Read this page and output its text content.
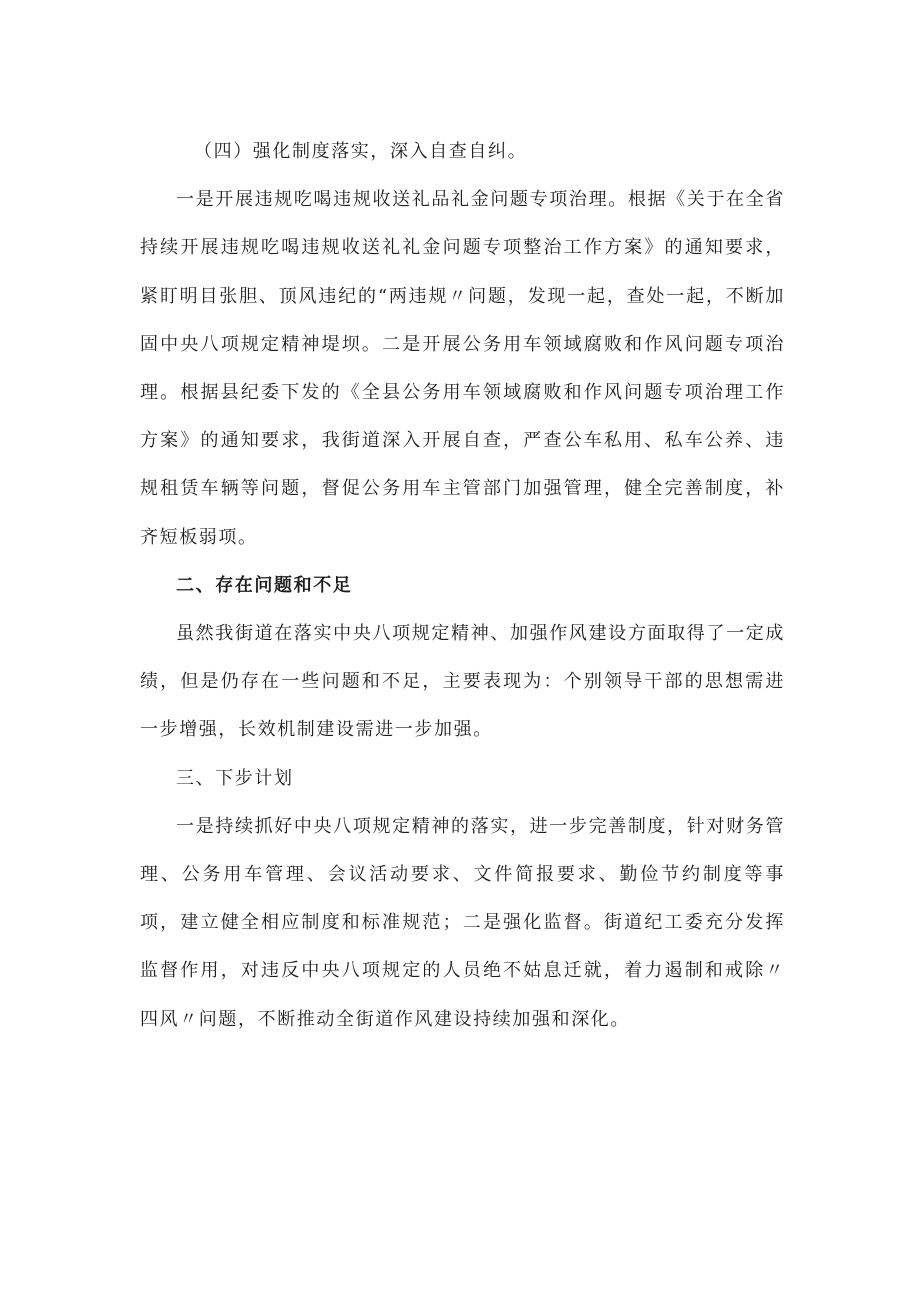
（四）强化制度落实，深入自查自纠。

一是开展违规吃喝违规收送礼品礼金问题专项治理。根据《关于在全省持续开展违规吃喝违规收送礼礼金问题专项整治工作方案》的通知要求，紧盯明目张胆、顶风违纪的“两违规〃问题，发现一起，查处一起，不断加固中央八项规定精神堤坝。二是开展公务用车领域腐败和作风问题专项治理。根据县纪委下发的《全县公务用车领域腐败和作风问题专项治理工作方案》的通知要求，我街道深入开展自查，严查公车私用、私车公养、违规租赁车辆等问题，督促公务用车主管部门加强管理，健全完善制度，补齐短板弱项。

二、存在问题和不足

虽然我街道在落实中央八项规定精神、加强作风建设方面取得了一定成绩，但是仍存在一些问题和不足，主要表现为：个别领导干部的思想需进一步增强，长效机制建设需进一步加强。

三、下步计划

一是持续抓好中央八项规定精神的落实，进一步完善制度，针对财务管理、公务用车管理、会议活动要求、文件简报要求、勤俭节约制度等事项，建立健全相应制度和标准规范；二是强化监督。街道纪工委充分发挥监督作用，对违反中央八项规定的人员绝不姑息迁就，着力遏制和戒除〃四风〃问题，不断推动全街道作风建设持续加强和深化。
